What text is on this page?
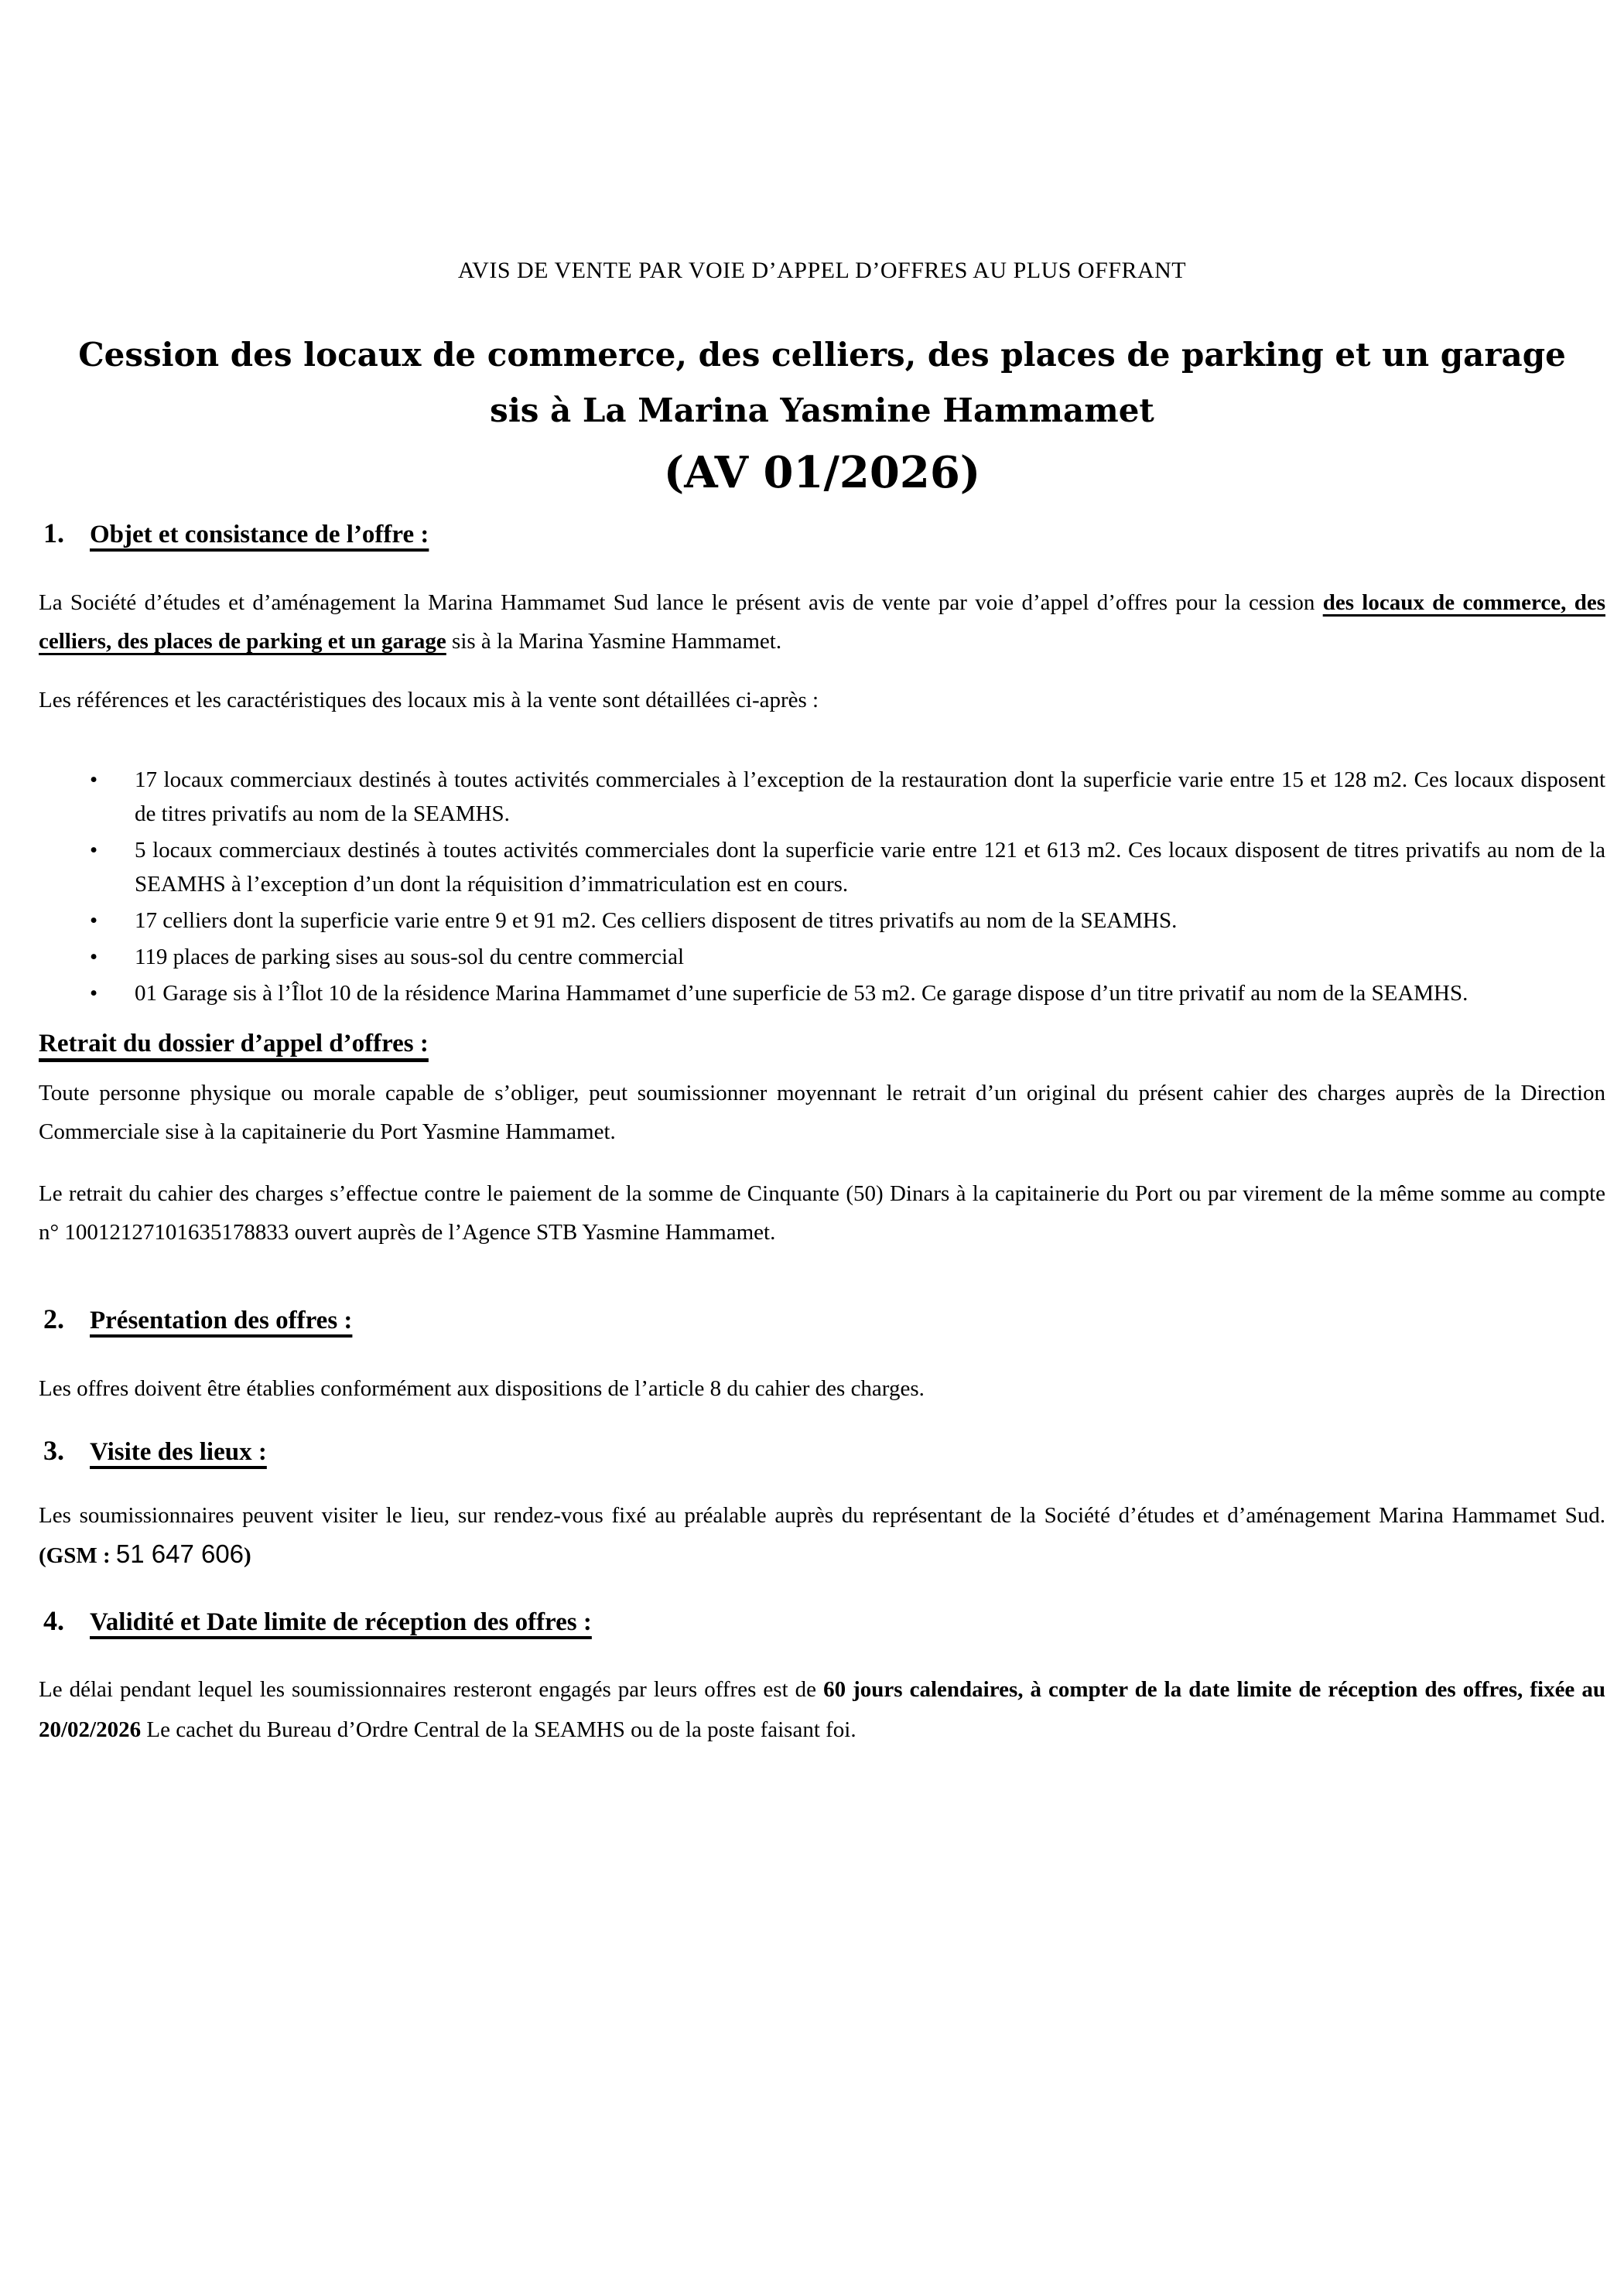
AVIS DE VENTE PAR VOIE D’APPEL D’OFFRES AU PLUS OFFRANT
Cession des locaux de commerce, des celliers, des places de parking et un garage
sis à La Marina Yasmine Hammamet
(AV 01/2026)
1.	Objet et consistance de l’offre :

La Société d’études et d’aménagement la Marina Hammamet Sud lance le présent avis de vente par voie d’appel d’offres pour la cession des locaux de commerce, des celliers, des places de parking et un garage sis à la Marina Yasmine Hammamet.

Les références et les caractéristiques des locaux mis à la vente sont détaillées ci-après :

•	17 locaux commerciaux destinés à toutes activités commerciales à l’exception de la restauration dont la superficie varie entre 15 et 128 m2. Ces locaux disposent de titres privatifs au nom de la SEAMHS.
•	5 locaux commerciaux destinés à toutes activités commerciales dont la superficie varie entre 121 et 613 m2. Ces locaux disposent de titres privatifs au nom de la SEAMHS à l’exception d’un dont la réquisition d’immatriculation est en cours.
•	17 celliers dont la superficie varie entre 9 et 91 m2. Ces celliers disposent de titres privatifs au nom de la SEAMHS.
•	119 places de parking sises au sous-sol du centre commercial
•	01 Garage sis à l’Îlot 10 de la résidence Marina Hammamet d’une superficie de 53 m2. Ce garage dispose d’un titre privatif au nom de la SEAMHS.
Retrait du dossier d’appel d’offres :

Toute personne physique ou morale capable de s’obliger, peut soumissionner moyennant le retrait d’un original du présent cahier des charges auprès de la Direction Commerciale sise à la capitainerie du Port Yasmine Hammamet.

Le retrait du cahier des charges s’effectue contre le paiement de la somme de Cinquante (50) Dinars à la capitainerie du Port ou par virement de la même somme au compte n° 10012127101635178833 ouvert auprès de l’Agence STB Yasmine Hammamet.

2.	Présentation des offres :

Les offres doivent être établies conformément aux dispositions de l’article 8 du cahier des charges.

3.	Visite des lieux :

Les soumissionnaires peuvent visiter le lieu, sur rendez-vous fixé au préalable auprès du représentant de la Société d’études et d’aménagement Marina Hammamet Sud. (GSM : 51 647 606)

4.	Validité et Date limite de réception des offres :

Le délai pendant lequel les soumissionnaires resteront engagés par leurs offres est de 60 jours calendaires, à compter de la date limite de réception des offres, fixée au 20/02/2026 Le cachet du Bureau d’Ordre Central de la SEAMHS ou de la poste faisant foi.
